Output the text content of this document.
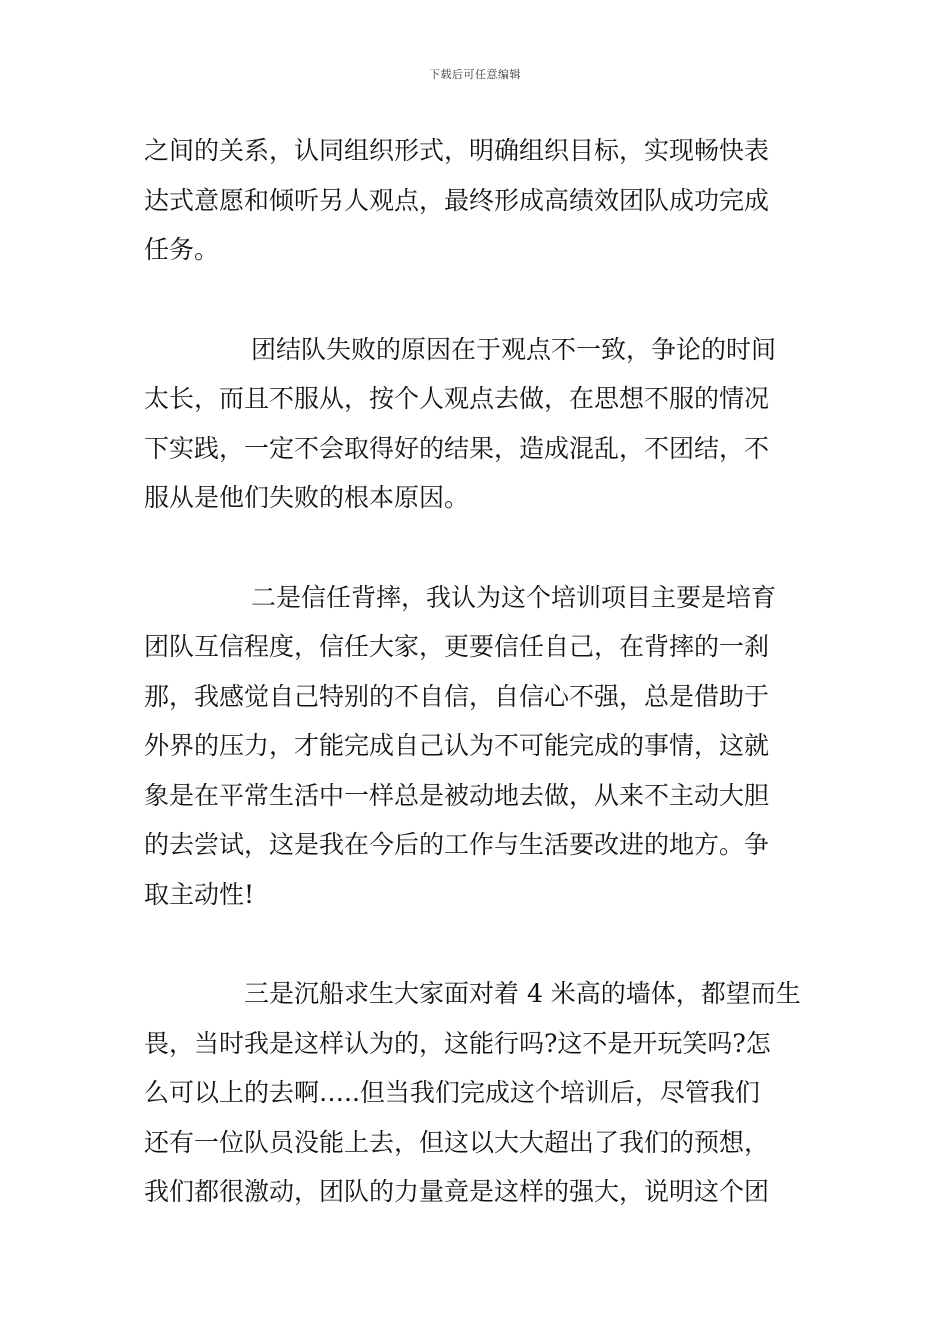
下载后可任意编辑
之间的关系，认同组织形式，明确组织目标，实现畅快表
达式意愿和倾听另人观点，最终形成高绩效团队成功完成
任务。
团结队失败的原因在于观点不一致，争论的时间
太长，而且不服从，按个人观点去做，在思想不服的情况
下实践，一定不会取得好的结果，造成混乱，不团结，不
服从是他们失败的根本原因。
二是信任背摔，我认为这个培训项目主要是培育
团队互信程度，信任大家，更要信任自己，在背摔的一刹
那，我感觉自己特别的不自信，自信心不强，总是借助于
外界的压力，才能完成自己认为不可能完成的事情，这就
象是在平常生活中一样总是被动地去做，从来不主动大胆
的去尝试，这是我在今后的工作与生活要改进的地方。争
取主动性!
三是沉船求生大家面对着 4 米高的墙体，都望而生
畏，当时我是这样认为的，这能行吗?这不是开玩笑吗?怎
么可以上的去啊…..但当我们完成这个培训后，尽管我们
还有一位队员没能上去，但这以大大超出了我们的预想，
我们都很激动，团队的力量竟是这样的强大，说明这个团
